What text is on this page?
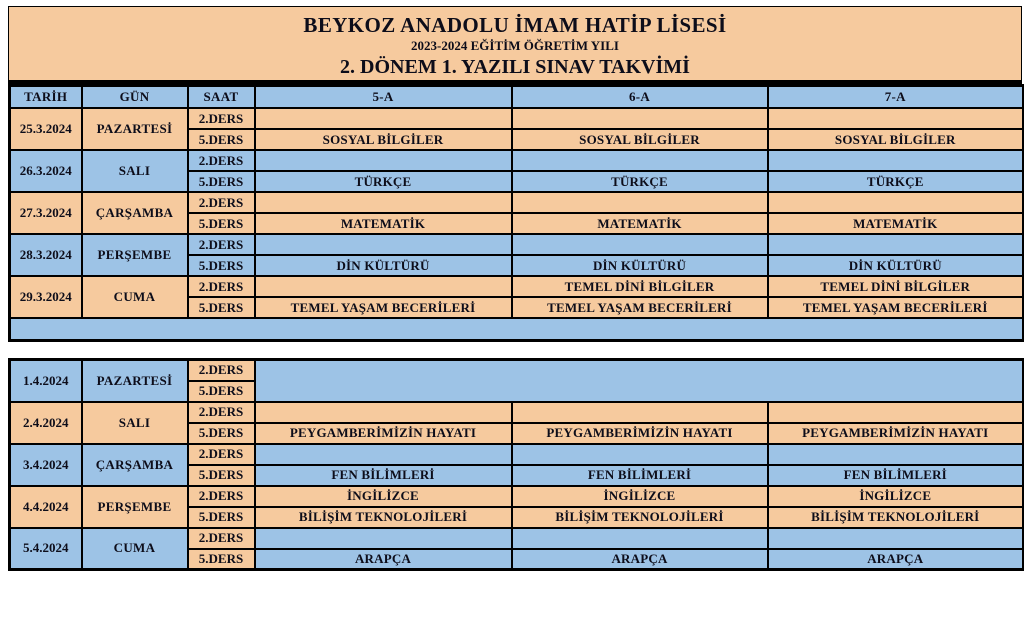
BEYKOZ ANADOLU İMAM HATİP LİSESİ
2023-2024 EĞİTİM ÖĞRETİM YILI
2. DÖNEM 1. YAZILI SINAV TAKVİMİ
TARİH	GÜN	SAAT	5-A	6-A	7-A
25.3.2024	PAZARTESİ	2.DERS			
		5.DERS	SOSYAL BİLGİLER	SOSYAL BİLGİLER	SOSYAL BİLGİLER
26.3.2024	SALI	2.DERS			
		5.DERS	TÜRKÇE	TÜRKÇE	TÜRKÇE
27.3.2024	ÇARŞAMBA	2.DERS			
		5.DERS	MATEMATİK	MATEMATİK	MATEMATİK
28.3.2024	PERŞEMBE	2.DERS			
		5.DERS	DİN KÜLTÜRÜ	DİN KÜLTÜRÜ	DİN KÜLTÜRÜ
29.3.2024	CUMA	2.DERS		TEMEL DİNİ BİLGİLER	TEMEL DİNİ BİLGİLER
		5.DERS	TEMEL YAŞAM BECERİLERİ	TEMEL YAŞAM BECERİLERİ	TEMEL YAŞAM BECERİLERİ

1.4.2024	PAZARTESİ	2.DERS			
		5.DERS			
2.4.2024	SALI	2.DERS			
		5.DERS	PEYGAMBERİMİZİN HAYATI	PEYGAMBERİMİZİN HAYATI	PEYGAMBERİMİZİN HAYATI
3.4.2024	ÇARŞAMBA	2.DERS			
		5.DERS	FEN BİLİMLERİ	FEN BİLİMLERİ	FEN BİLİMLERİ
4.4.2024	PERŞEMBE	2.DERS	İNGİLİZCE	İNGİLİZCE	İNGİLİZCE
		5.DERS	BİLİŞİM TEKNOLOJİLERİ	BİLİŞİM TEKNOLOJİLERİ	BİLİŞİM TEKNOLOJİLERİ
5.4.2024	CUMA	2.DERS			
		5.DERS	ARAPÇA	ARAPÇA	ARAPÇA
